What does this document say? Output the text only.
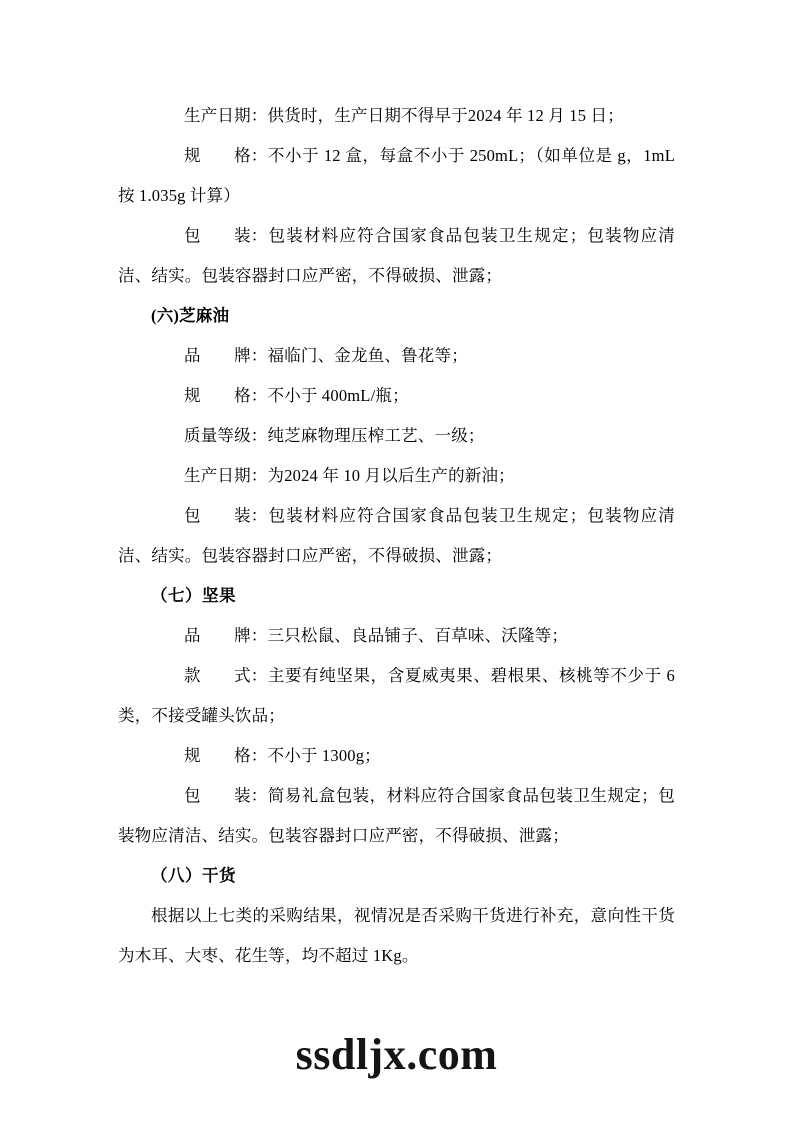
生产日期：供货时，生产日期不得早于2024 年 12 月 15 日；

规　　格：不小于 12 盒，每盒不小于 250mL；（如单位是 g，1mL 按 1.035g 计算）

包　　装：包装材料应符合国家食品包装卫生规定；包装物应清洁、结实。包装容器封口应严密，不得破损、泄露；

(六)芝麻油

品　　牌：福临门、金龙鱼、鲁花等；

规　　格：不小于 400mL/瓶；

质量等级：纯芝麻物理压榨工艺、一级；

生产日期：为2024 年 10 月以后生产的新油；

包　　装：包装材料应符合国家食品包装卫生规定；包装物应清洁、结实。包装容器封口应严密，不得破损、泄露；

（七）坚果

品　　牌：三只松鼠、良品铺子、百草味、沃隆等；

款　　式：主要有纯坚果，含夏威夷果、碧根果、核桃等不少于 6 类，不接受罐头饮品；

规　　格：不小于 1300g；

包　　装：简易礼盒包装，材料应符合国家食品包装卫生规定；包装物应清洁、结实。包装容器封口应严密，不得破损、泄露；

（八）干货

根据以上七类的采购结果，视情况是否采购干货进行补充，意向性干货为木耳、大枣、花生等，均不超过 1Kg。

ssdljx.com
